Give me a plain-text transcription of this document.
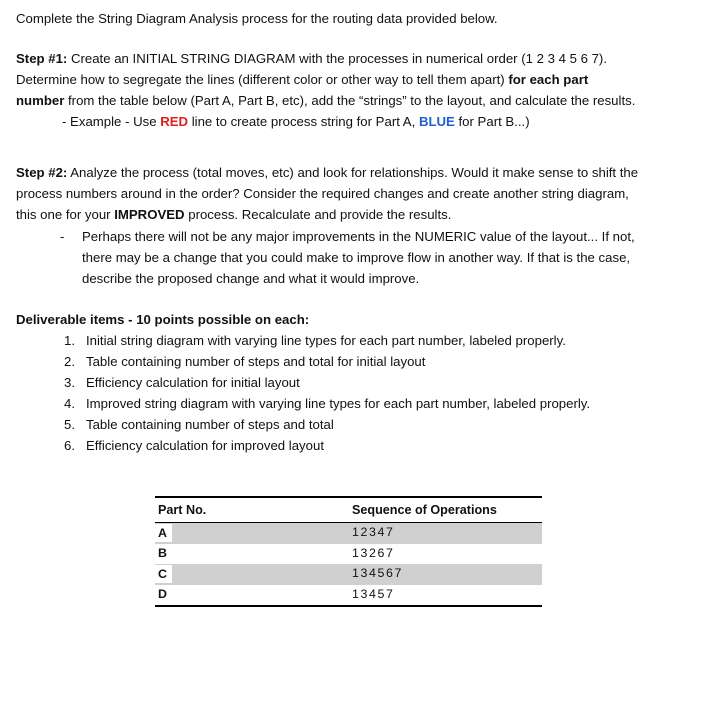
Complete the String Diagram Analysis process for the routing data provided below.

Step #1: Create an INITIAL STRING DIAGRAM with the processes in numerical order (1 2 3 4 5 6 7).

Determine how to segregate the lines (different color or other way to tell them apart) for each part

number from the table below (Part A, Part B, etc), add the “strings” to the layout, and calculate the results.

- Example - Use RED line to create process string for Part A, BLUE for Part B...)

Step #2: Analyze the process (total moves, etc) and look for relationships. Would it make sense to shift the

process numbers around in the order? Consider the required changes and create another string diagram,

this one for your IMPROVED process. Recalculate and provide the results.

- Perhaps there will not be any major improvements in the NUMERIC value of the layout... If not,
there may be a change that you could make to improve flow in another way. If that is the case,
describe the proposed change and what it would improve.

Deliverable items - 10 points possible on each:

1. Initial string diagram with varying line types for each part number, labeled properly.
2. Table containing number of steps and total for initial layout
3. Efficiency calculation for initial layout
4. Improved string diagram with varying line types for each part number, labeled properly.
5. Table containing number of steps and total
6. Efficiency calculation for improved layout
Part No.	Sequence of Operations
A	12347
B	13267
C	134567
D	13457
